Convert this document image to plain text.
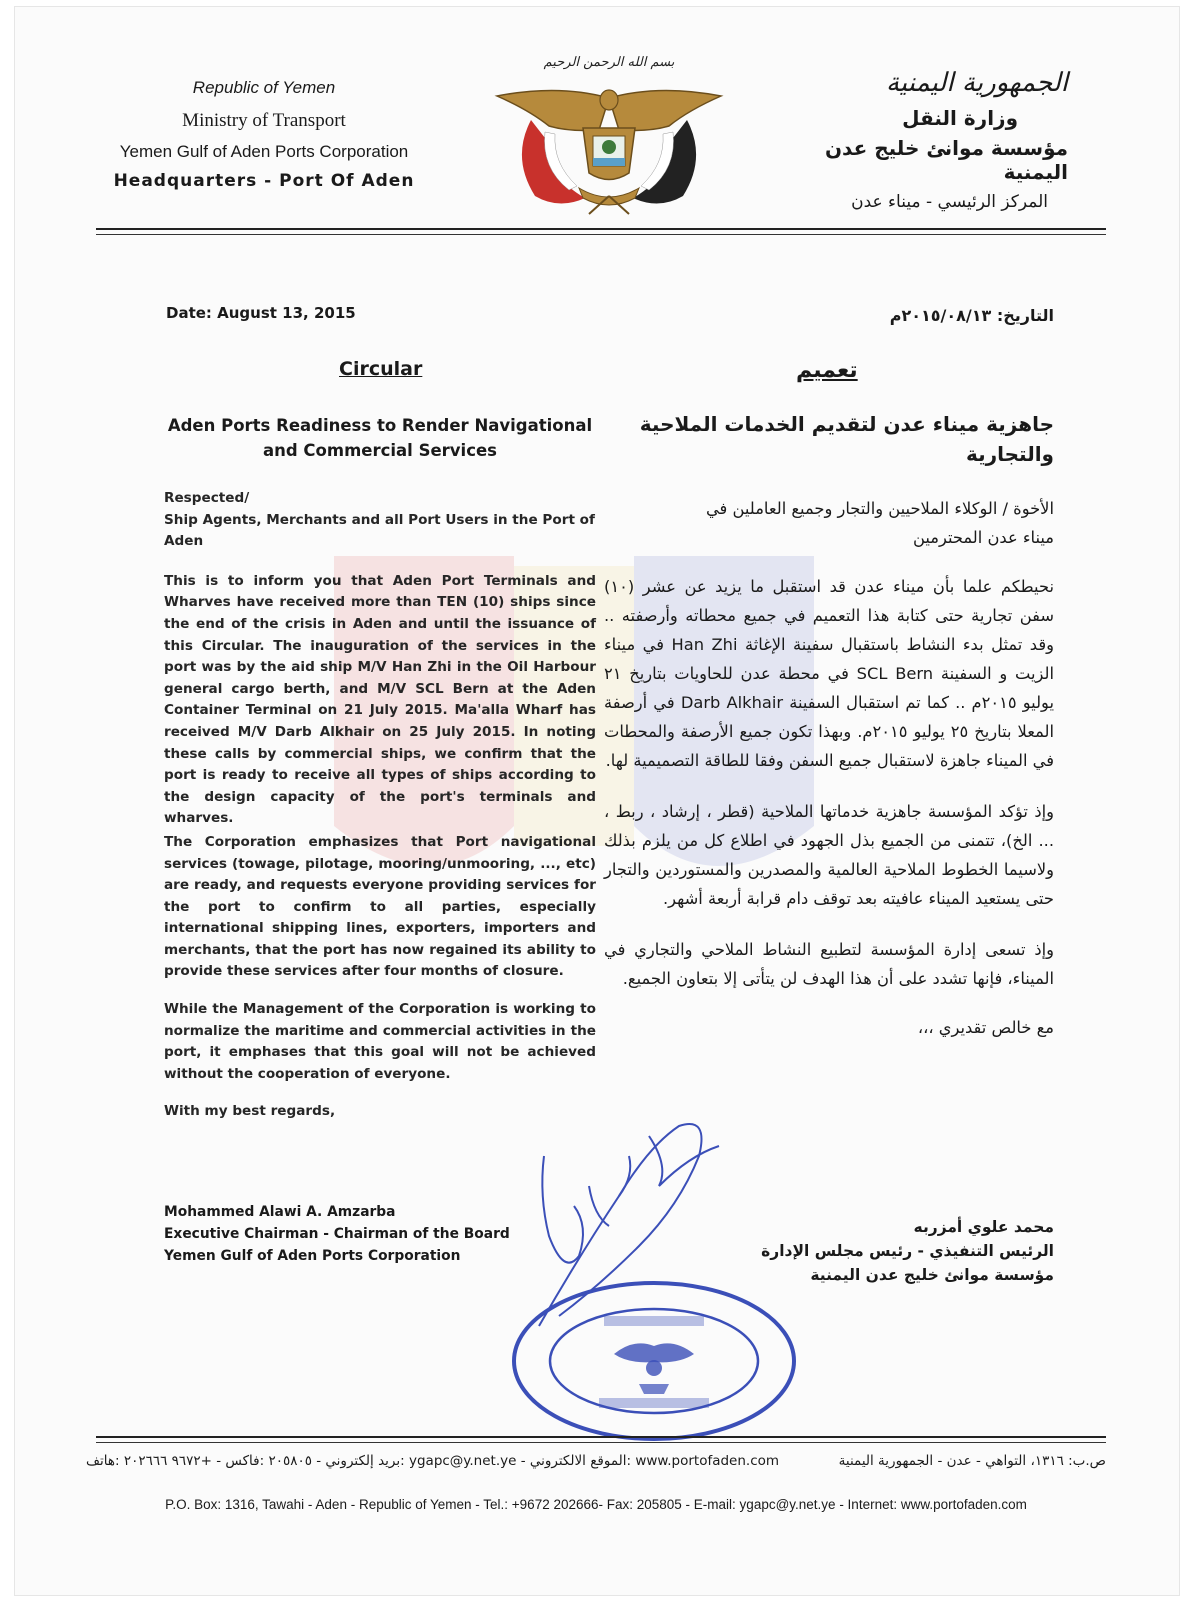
Republic of Yemen
Ministry of Transport
Yemen Gulf of Aden Ports Corporation
Headquarters - Port Of Aden
بسم الله الرحمن الرحيم
الجمهورية اليمنية
وزارة النقل
مؤسسة موانئ خليج عدن اليمنية
المركز الرئيسي - ميناء عدن
Date: August 13, 2015	التاريخ: ٢٠١٥/٠٨/١٣م
Circular	تعميم
Aden Ports Readiness to Render Navigational and Commercial Services
جاهزية ميناء عدن لتقديم الخدمات الملاحية والتجارية

Respected/

Ship Agents, Merchants and all Port Users in the Port of Aden

This is to inform you that Aden Port Terminals and Wharves have received more than TEN (10) ships since the end of the crisis in Aden and until the issuance of this Circular. The inauguration of the services in the port was by the aid ship M/V Han Zhi in the Oil Harbour general cargo berth, and M/V SCL Bern at the Aden Container Terminal on 21 July 2015. Ma'alla Wharf has received M/V Darb Alkhair on 25 July 2015. In noting these calls by commercial ships, we confirm that the port is ready to receive all types of ships according to the design capacity of the port's terminals and wharves.

The Corporation emphasizes that Port navigational services (towage, pilotage, mooring/unmooring, ..., etc) are ready, and requests everyone providing services for the port to confirm to all parties, especially international shipping lines, exporters, importers and merchants, that the port has now regained its ability to provide these services after four months of closure.

While the Management of the Corporation is working to normalize the maritime and commercial activities in the port, it emphases that this goal will not be achieved without the cooperation of everyone.

With my best regards,

الأخوة / الوكلاء الملاحيين والتجار وجميع العاملين في

ميناء عدن المحترمين

نحيطكم علما بأن ميناء عدن قد استقبل ما يزيد عن عشر (١٠) سفن تجارية حتى كتابة هذا التعميم في جميع محطاته وأرصفته .. وقد تمثل بدء النشاط باستقبال سفينة الإغاثة Han Zhi في ميناء الزيت و السفينة SCL Bern في محطة عدن للحاويات بتاريخ ٢١ يوليو ٢٠١٥م .. كما تم استقبال السفينة Darb Alkhair في أرصفة المعلا بتاريخ ٢٥ يوليو ٢٠١٥م. وبهذا تكون جميع الأرصفة والمحطات في الميناء جاهزة لاستقبال جميع السفن وفقا للطاقة التصميمية لها.

وإذ تؤكد المؤسسة جاهزية خدماتها الملاحية (قطر ، إرشاد ، ربط ، ... الخ)، تتمنى من الجميع بذل الجهود في اطلاع كل من يلزم بذلك ولاسيما الخطوط الملاحية العالمية والمصدرين والمستوردين والتجار حتى يستعيد الميناء عافيته بعد توقف دام قرابة أربعة أشهر.

وإذ تسعى إدارة المؤسسة لتطبيع النشاط الملاحي والتجاري في الميناء، فإنها تشدد على أن هذا الهدف لن يتأتى إلا بتعاون الجميع.

مع خالص تقديري ،،،

Mohammed Alawi A. Amzarba
Executive Chairman - Chairman of the Board
Yemen Gulf of Aden Ports Corporation
محمد علوي أمزربه
الرئيس التنفيذي - رئيس مجلس الإدارة
مؤسسة موانئ خليج عدن اليمنية
www.portofaden.com :الموقع الالكتروني - ygapc@y.net.ye :بريد إلكتروني - ٢٠٥٨٠٥ :فاكس - +٩٦٧٢ ٢٠٢٦٦٦ :هاتف	ص.ب: ١٣١٦، التواهي - عدن - الجمهورية اليمنية
P.O. Box: 1316, Tawahi - Aden - Republic of Yemen - Tel.: +9672 202666- Fax: 205805 - E-mail: ygapc@y.net.ye - Internet: www.portofaden.com
